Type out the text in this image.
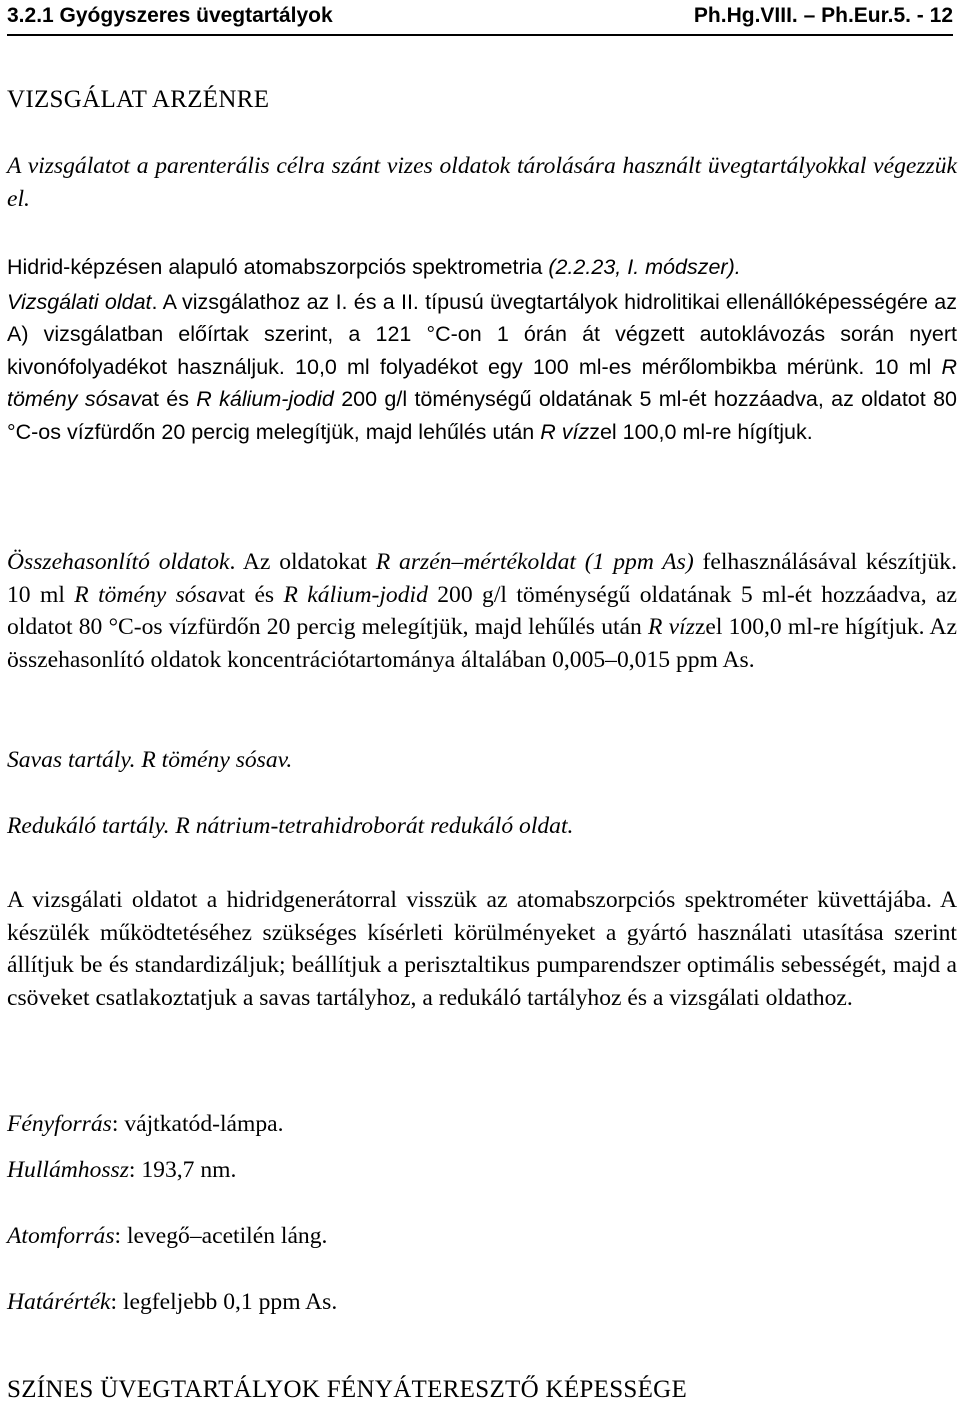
3.2.1 Gyógyszeres üvegtartályok	Ph.Hg.VIII. – Ph.Eur.5. - 12
VIZSGÁLAT ARZÉNRE
A vizsgálatot a parenterális célra szánt vizes oldatok tárolására használt üvegtartályokkal végezzük el.
Hidrid-képzésen alapuló atomabszorpciós spektrometria (2.2.23, I. módszer).
Vizsgálati oldat. A vizsgálathoz az I. és a II. típusú üvegtartályok hidrolitikai ellenállóképességére az A) vizsgálatban előírtak szerint, a 121 °C-on 1 órán át végzett autoklávozás során nyert kivonófolyadékot használjuk. 10,0 ml folyadékot egy 100 ml-es mérőlombikba mérünk. 10 ml R tömény sósavat és R kálium-jodid 200 g/l töménységű oldatának 5 ml-ét hozzáadva, az oldatot 80 °C-os vízfürdőn 20 percig melegítjük, majd lehűlés után R vízzel 100,0 ml-re hígítjuk.
Összehasonlító oldatok. Az oldatokat R arzén–mértékoldat (1 ppm As) felhasználásával készítjük. 10 ml R tömény sósavat és R kálium-jodid 200 g/l töménységű oldatának 5 ml-ét hozzáadva, az oldatot 80 °C-os vízfürdőn 20 percig melegítjük, majd lehűlés után R vízzel 100,0 ml-re hígítjuk. Az összehasonlító oldatok koncentrációtartománya általában 0,005–0,015 ppm As.
Savas tartály. R tömény sósav.
Redukáló tartály. R nátrium-tetrahidroborát redukáló oldat.
A vizsgálati oldatot a hidridgenerátorral visszük az atomabszorpciós spektrométer küvettájába. A készülék működtetéséhez szükséges kísérleti körülményeket a gyártó használati utasítása szerint állítjuk be és standardizáljuk; beállítjuk a perisztaltikus pumparendszer optimális sebességét, majd a csöveket csatlakoztatjuk a savas tartályhoz, a redukáló tartályhoz és a vizsgálati oldathoz.
Fényforrás: vájtkatód-lámpa.
Hullámhossz: 193,7 nm.
Atomforrás: levegő–acetilén láng.
Határérték: legfeljebb 0,1 ppm As.
SZÍNES ÜVEGTARTÁLYOK FÉNYÁTERESZTŐ KÉPESSÉGE
